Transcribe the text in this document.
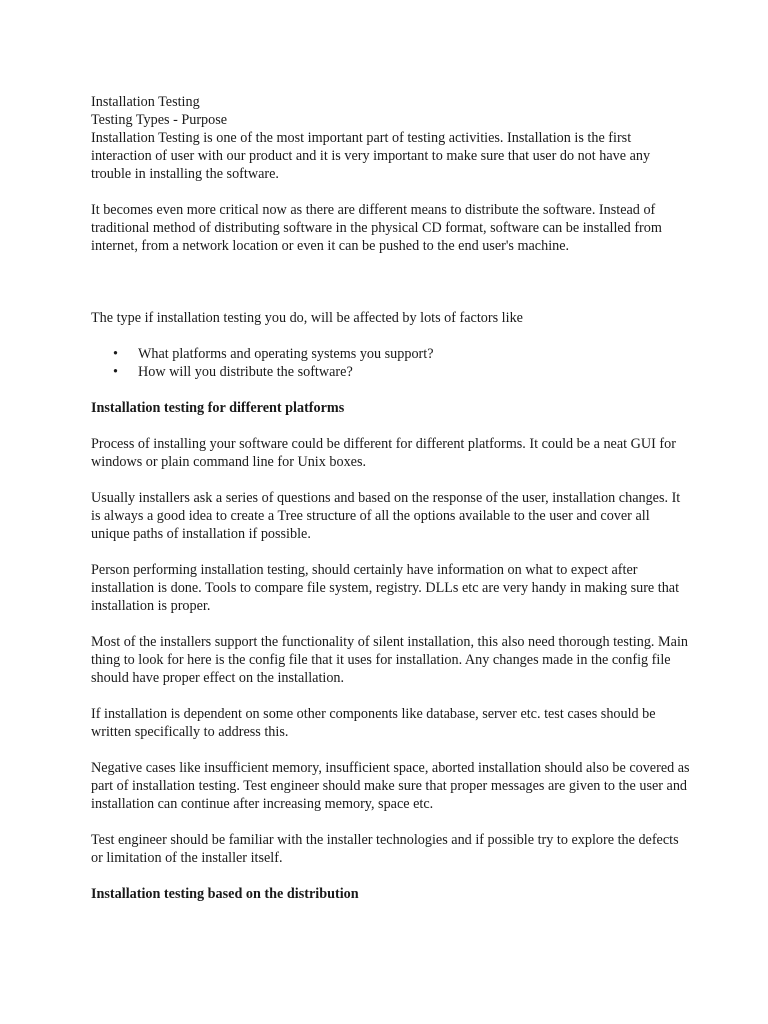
Installation Testing

Testing Types - Purpose

Installation Testing is one of the most important part of testing activities. Installation is the first interaction of user with our product and it is very important to make sure that user do not have any trouble in installing the software.

It becomes even more critical now as there are different means to distribute the software. Instead of traditional method of distributing software in the physical CD format, software can be installed from internet, from a network location or even it can be pushed to the end user's machine.

The type if installation testing you do, will be affected by lots of factors like

• What platforms and operating systems you support?
• How will you distribute the software?

Installation testing for different platforms

Process of installing your software could be different for different platforms. It could be a neat GUI for windows or plain command line for Unix boxes.

Usually installers ask a series of questions and based on the response of the user, installation changes. It is always a good idea to create a Tree structure of all the options available to the user and cover all unique paths of installation if possible.

Person performing installation testing, should certainly have information on what to expect after installation is done. Tools to compare file system, registry. DLLs etc are very handy in making sure that installation is proper.

Most of the installers support the functionality of silent installation, this also need thorough testing. Main thing to look for here is the config file that it uses for installation. Any changes made in the config file should have proper effect on the installation.

If installation is dependent on some other components like database, server etc. test cases should be written specifically to address this.

Negative cases like insufficient memory, insufficient space, aborted installation should also be covered as part of installation testing. Test engineer should make sure that proper messages are given to the user and installation can continue after increasing memory, space etc.

Test engineer should be familiar with the installer technologies and if possible try to explore the defects or limitation of the installer itself.

Installation testing based on the distribution
